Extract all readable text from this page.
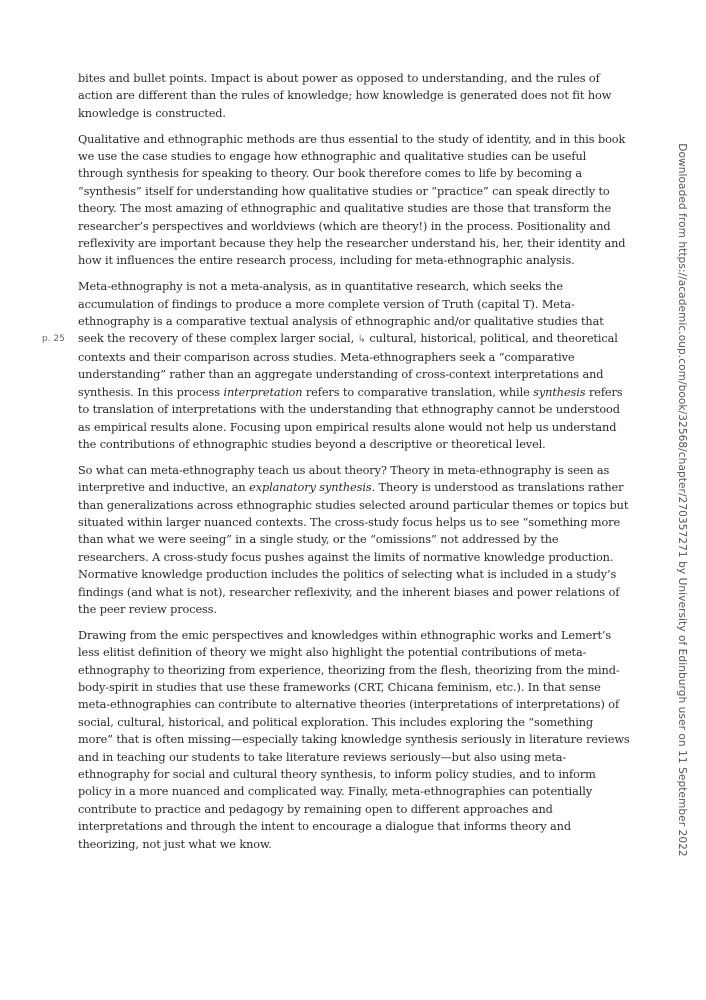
bites and bullet points. Impact is about power as opposed to understanding, and the rules of action are different than the rules of knowledge; how knowledge is generated does not fit how knowledge is constructed.

Qualitative and ethnographic methods are thus essential to the study of identity, and in this book we use the case studies to engage how ethnographic and qualitative studies can be useful through synthesis for speaking to theory. Our book therefore comes to life by becoming a “synthesis” itself for understanding how qualitative studies or “practice” can speak directly to theory. The most amazing of ethnographic and qualitative studies are those that transform the researcher’s perspectives and worldviews (which are theory!) in the process. Positionality and reflexivity are important because they help the researcher understand his, her, their identity and how it influences the entire research process, including for meta-ethnographic analysis.

Meta-ethnography is not a meta-analysis, as in quantitative research, which seeks the accumulation of findings to produce a more complete version of Truth (capital T). Meta-ethnography is a comparative textual analysis of ethnographic and/or qualitative studies that seek the recovery of these complex larger social, ↳ cultural, historical, political, and theoretical contexts and their comparison across studies. Meta-ethnographers seek a “comparative understanding” rather than an aggregate understanding of cross-context interpretations and synthesis. In this process interpretation refers to comparative translation, while synthesis refers to translation of interpretations with the understanding that ethnography cannot be understood as empirical results alone. Focusing upon empirical results alone would not help us understand the contributions of ethnographic studies beyond a descriptive or theoretical level.

So what can meta-ethnography teach us about theory? Theory in meta-ethnography is seen as interpretive and inductive, an explanatory synthesis. Theory is understood as translations rather than generalizations across ethnographic studies selected around particular themes or topics but situated within larger nuanced contexts. The cross-study focus helps us to see “something more than what we were seeing” in a single study, or the “omissions” not addressed by the researchers. A cross-study focus pushes against the limits of normative knowledge production. Normative knowledge production includes the politics of selecting what is included in a study’s findings (and what is not), researcher reflexivity, and the inherent biases and power relations of the peer review process.

Drawing from the emic perspectives and knowledges within ethnographic works and Lemert’s less elitist definition of theory we might also highlight the potential contributions of meta-ethnography to theorizing from experience, theorizing from the flesh, theorizing from the mind-body-spirit in studies that use these frameworks (CRT, Chicana feminism, etc.). In that sense meta-ethnographies can contribute to alternative theories (interpretations of interpretations) of social, cultural, historical, and political exploration. This includes exploring the “something more” that is often missing—especially taking knowledge synthesis seriously in literature reviews and in teaching our students to take literature reviews seriously—but also using meta-ethnography for social and cultural theory synthesis, to inform policy studies, and to inform policy in a more nuanced and complicated way. Finally, meta-ethnographies can potentially contribute to practice and pedagogy by remaining open to different approaches and interpretations and through the intent to encourage a dialogue that informs theory and theorizing, not just what we know.

p. 25	Downloaded from https://academic.oup.com/book/32568/chapter/270357271 by University of Edinburgh user on 11 September 2022
